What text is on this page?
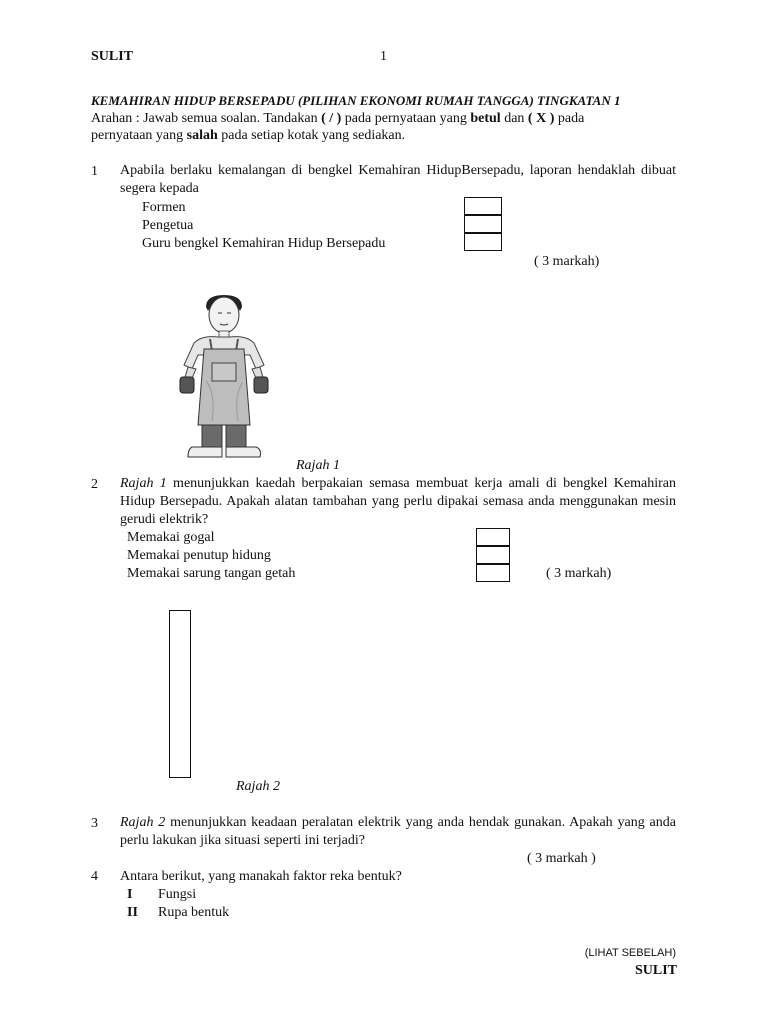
SULIT	1
KEMAHIRAN HIDUP BERSEPADU (PILIHAN EKONOMI RUMAH TANGGA) TINGKATAN 1
Arahan : Jawab semua soalan. Tandakan ( / ) pada pernyataan yang betul dan ( X ) pada
pernyataan yang salah pada setiap kotak yang sediakan.
1 Apabila berlaku kemalangan di bengkel Kemahiran HidupBersepadu, laporan hendaklah dibuat segera kepada
Formen
Pengetua
Guru bengkel Kemahiran Hidup Bersepadu
( 3 markah)
Rajah 1
2 Rajah 1 menunjukkan kaedah berpakaian semasa membuat kerja amali di bengkel Kemahiran Hidup Bersepadu. Apakah alatan tambahan yang perlu dipakai semasa anda menggunakan mesin gerudi elektrik?
Memakai gogal
Memakai penutup hidung
Memakai sarung tangan getah	( 3 markah)
Rajah 2
3 Rajah 2 menunjukkan keadaan peralatan elektrik yang anda hendak gunakan. Apakah yang anda perlu lakukan jika situasi seperti ini terjadi?
( 3 markah )
4 Antara berikut, yang manakah faktor reka bentuk?
I Fungsi
II Rupa bentuk
(LIHAT SEBELAH)
SULIT
